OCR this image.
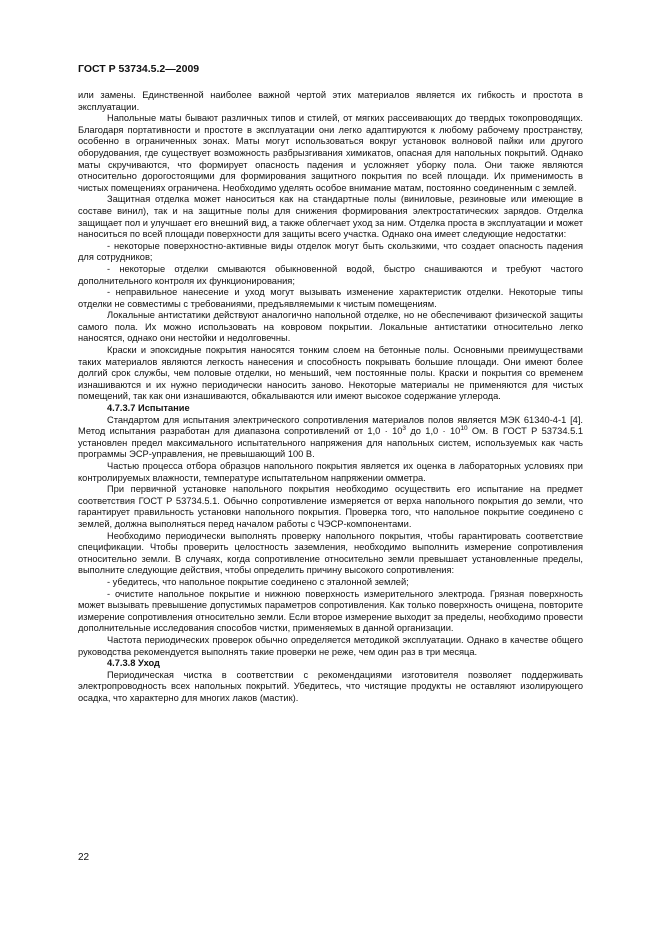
ГОСТ Р 53734.5.2—2009

или замены. Единственной наиболее важной чертой этих материалов является их гибкость и простота в эксплуатации.

Напольные маты бывают различных типов и стилей, от мягких рассеивающих до твердых токопроводящих. Благодаря портативности и простоте в эксплуатации они легко адаптируются к любому рабочему пространству, особенно в ограниченных зонах. Маты могут использоваться вокруг установок волновой пайки или другого оборудования, где существует возможность разбрызгивания химикатов, опасная для напольных покрытий. Однако маты скручиваются, что формирует опасность падения и усложняет уборку пола. Они также являются относительно дорогостоящими для формирования защитного покрытия по всей площади. Их применимость в чистых помещениях ограничена. Необходимо уделять особое внимание матам, постоянно соединенным с землей.

Защитная отделка может наноситься как на стандартные полы (виниловые, резиновые или имеющие в составе винил), так и на защитные полы для снижения формирования электростатических зарядов. Отделка защищает пол и улучшает его внешний вид, а также облегчает уход за ним. Отделка проста в эксплуатации и может наноситься по всей площади поверхности для защиты всего участка. Однако она имеет следующие недостатки:

- некоторые поверхностно-активные виды отделок могут быть скользкими, что создает опасность падения для сотрудников;

- некоторые отделки смываются обыкновенной водой, быстро снашиваются и требуют частого дополнительного контроля их функционирования;

- неправильное нанесение и уход могут вызывать изменение характеристик отделки. Некоторые типы отделки не совместимы с требованиями, предъявляемыми к чистым помещениям.

Локальные антистатики действуют аналогично напольной отделке, но не обеспечивают физической защиты самого пола. Их можно использовать на ковровом покрытии. Локальные антистатики относительно легко наносятся, однако они нестойки и недолговечны.

Краски и эпоксидные покрытия наносятся тонким слоем на бетонные полы. Основными преимуществами таких материалов являются легкость нанесения и способность покрывать большие площади. Они имеют более долгий срок службы, чем половые отделки, но меньший, чем постоянные полы. Краски и покрытия со временем изнашиваются и их нужно периодически наносить заново. Некоторые материалы не применяются для чистых помещений, так как они изнашиваются, обкалываются или имеют высокое содержание углерода.

4.7.3.7 Испытание

Стандартом для испытания электрического сопротивления материалов полов является МЭК 61340-4-1 [4]. Метод испытания разработан для диапазона сопротивлений от $1,0 \cdot 10^3$ до $1,0 \cdot 10^{10}$ Ом. В ГОСТ Р 53734.5.1 установлен предел максимального испытательного напряжения для напольных систем, используемых как часть программы ЭСР-управления, не превышающий 100 В.

Частью процесса отбора образцов напольного покрытия является их оценка в лабораторных условиях при контролируемых влажности, температуре испытательном напряжении омметра.

При первичной установке напольного покрытия необходимо осуществить его испытание на предмет соответствия ГОСТ Р 53734.5.1. Обычно сопротивление измеряется от верха напольного покрытия до земли, что гарантирует правильность установки напольного покрытия. Проверка того, что напольное покрытие соединено с землей, должна выполняться перед началом работы с ЧЭСР-компонентами.

Необходимо периодически выполнять проверку напольного покрытия, чтобы гарантировать соответствие спецификации. Чтобы проверить целостность заземления, необходимо выполнить измерение сопротивления относительно земли. В случаях, когда сопротивление относительно земли превышает установленные пределы, выполните следующие действия, чтобы определить причину высокого сопротивления:

- убедитесь, что напольное покрытие соединено с эталонной землей;

- очистите напольное покрытие и нижнюю поверхность измерительного электрода. Грязная поверхность может вызывать превышение допустимых параметров сопротивления. Как только поверхность очищена, повторите измерение сопротивления относительно земли. Если второе измерение выходит за пределы, необходимо провести дополнительные исследования способов чистки, применяемых в данной организации.

Частота периодических проверок обычно определяется методикой эксплуатации. Однако в качестве общего руководства рекомендуется выполнять такие проверки не реже, чем один раз в три месяца.

4.7.3.8 Уход

Периодическая чистка в соответствии с рекомендациями изготовителя позволяет поддерживать электропроводность всех напольных покрытий. Убедитесь, что чистящие продукты не оставляют изолирующего осадка, что характерно для многих лаков (мастик).

22
